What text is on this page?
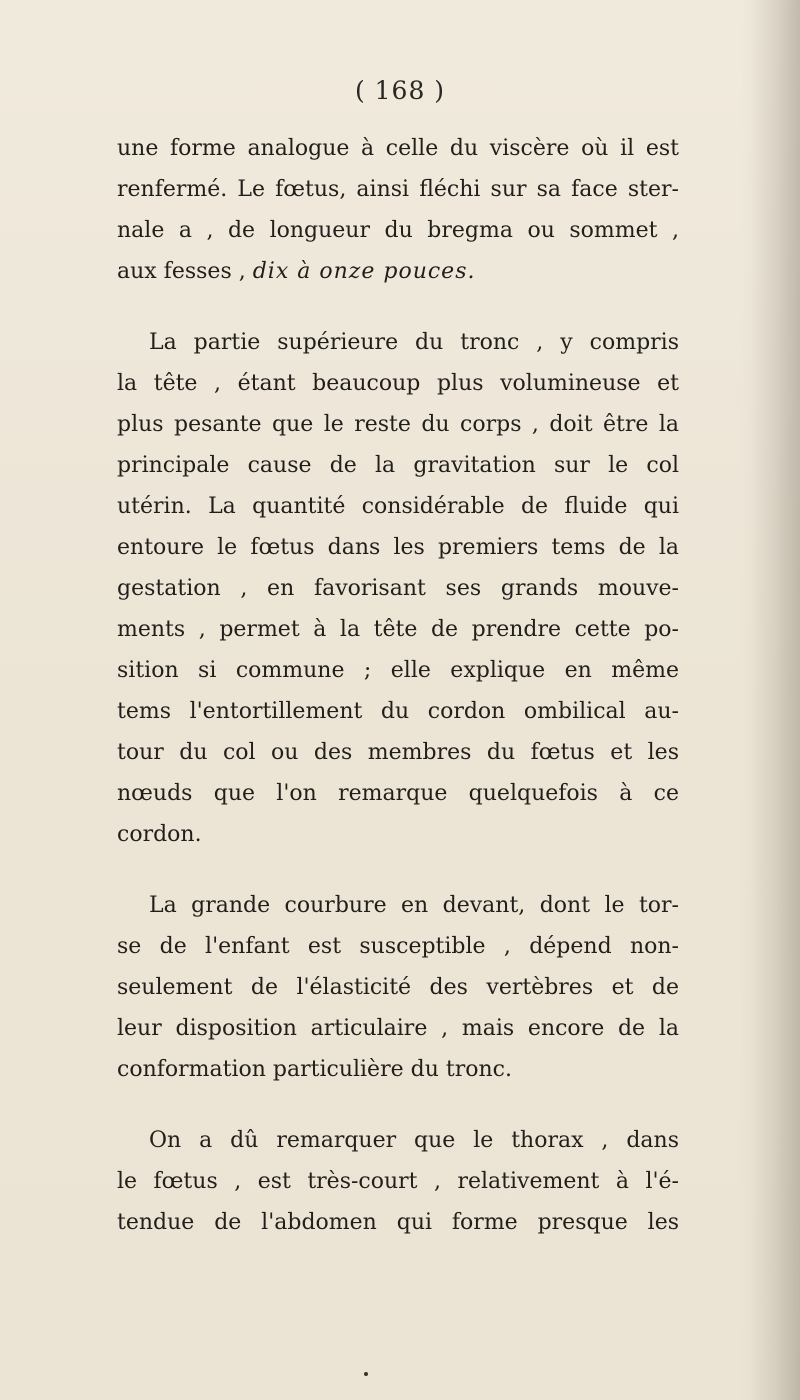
( 168 )
une forme analogue à celle du viscère où il est
renfermé. Le fœtus, ainsi fléchi sur sa face ster-
nale a , de longueur du bregma ou sommet ,
aux fesses , dix à onze pouces.
La partie supérieure du tronc , y compris
la tête , étant beaucoup plus volumineuse et
plus pesante que le reste du corps , doit être la
principale cause de la gravitation sur le col
utérin. La quantité considérable de fluide qui
entoure le fœtus dans les premiers tems de la
gestation , en favorisant ses grands mouve-
ments , permet à la tête de prendre cette po-
sition si commune ; elle explique en même
tems l'entortillement du cordon ombilical au-
tour du col ou des membres du fœtus et les
nœuds que l'on remarque quelquefois à ce
cordon.
La grande courbure en devant, dont le tor-
se de l'enfant est susceptible , dépend non-
seulement de l'élasticité des vertèbres et de
leur disposition articulaire , mais encore de la
conformation particulière du tronc.
On a dû remarquer que le thorax , dans
le fœtus , est très-court , relativement à l'é-
tendue de l'abdomen qui forme presque les
